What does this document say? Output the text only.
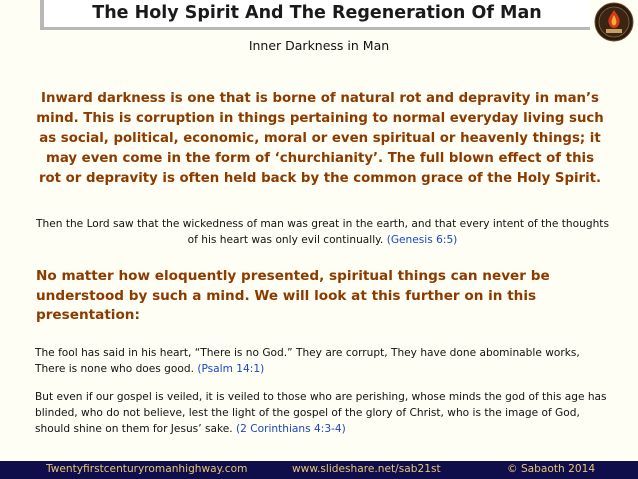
The Holy Spirit And The Regeneration Of Man
Inner Darkness in Man
Inward darkness is one that is borne of natural rot and depravity in man’s mind. This is corruption in things pertaining to normal everyday living such as social, political, economic, moral or even spiritual or heavenly things; it may even come in the form of ‘churchianity’. The full blown effect of this rot or depravity is often held back by the common grace of the Holy Spirit.
Then the Lord saw that the wickedness of man was great in the earth, and that every intent of the thoughts of his heart was only evil continually. (Genesis 6:5)
No matter how eloquently presented, spiritual things can never be understood by such a mind. We will look at this further on in this presentation:
The fool has said in his heart, “There is no God.” They are corrupt, They have done abominable works, There is none who does good. (Psalm 14:1)
But even if our gospel is veiled, it is veiled to those who are perishing, whose minds the god of this age has blinded, who do not believe, lest the light of the gospel of the glory of Christ, who is the image of God, should shine on them for Jesus’ sake. (2 Corinthians 4:3-4)
Twentyfirstcenturyromanhighway.com	www.slideshare.net/sab21st	© Sabaoth 2014
